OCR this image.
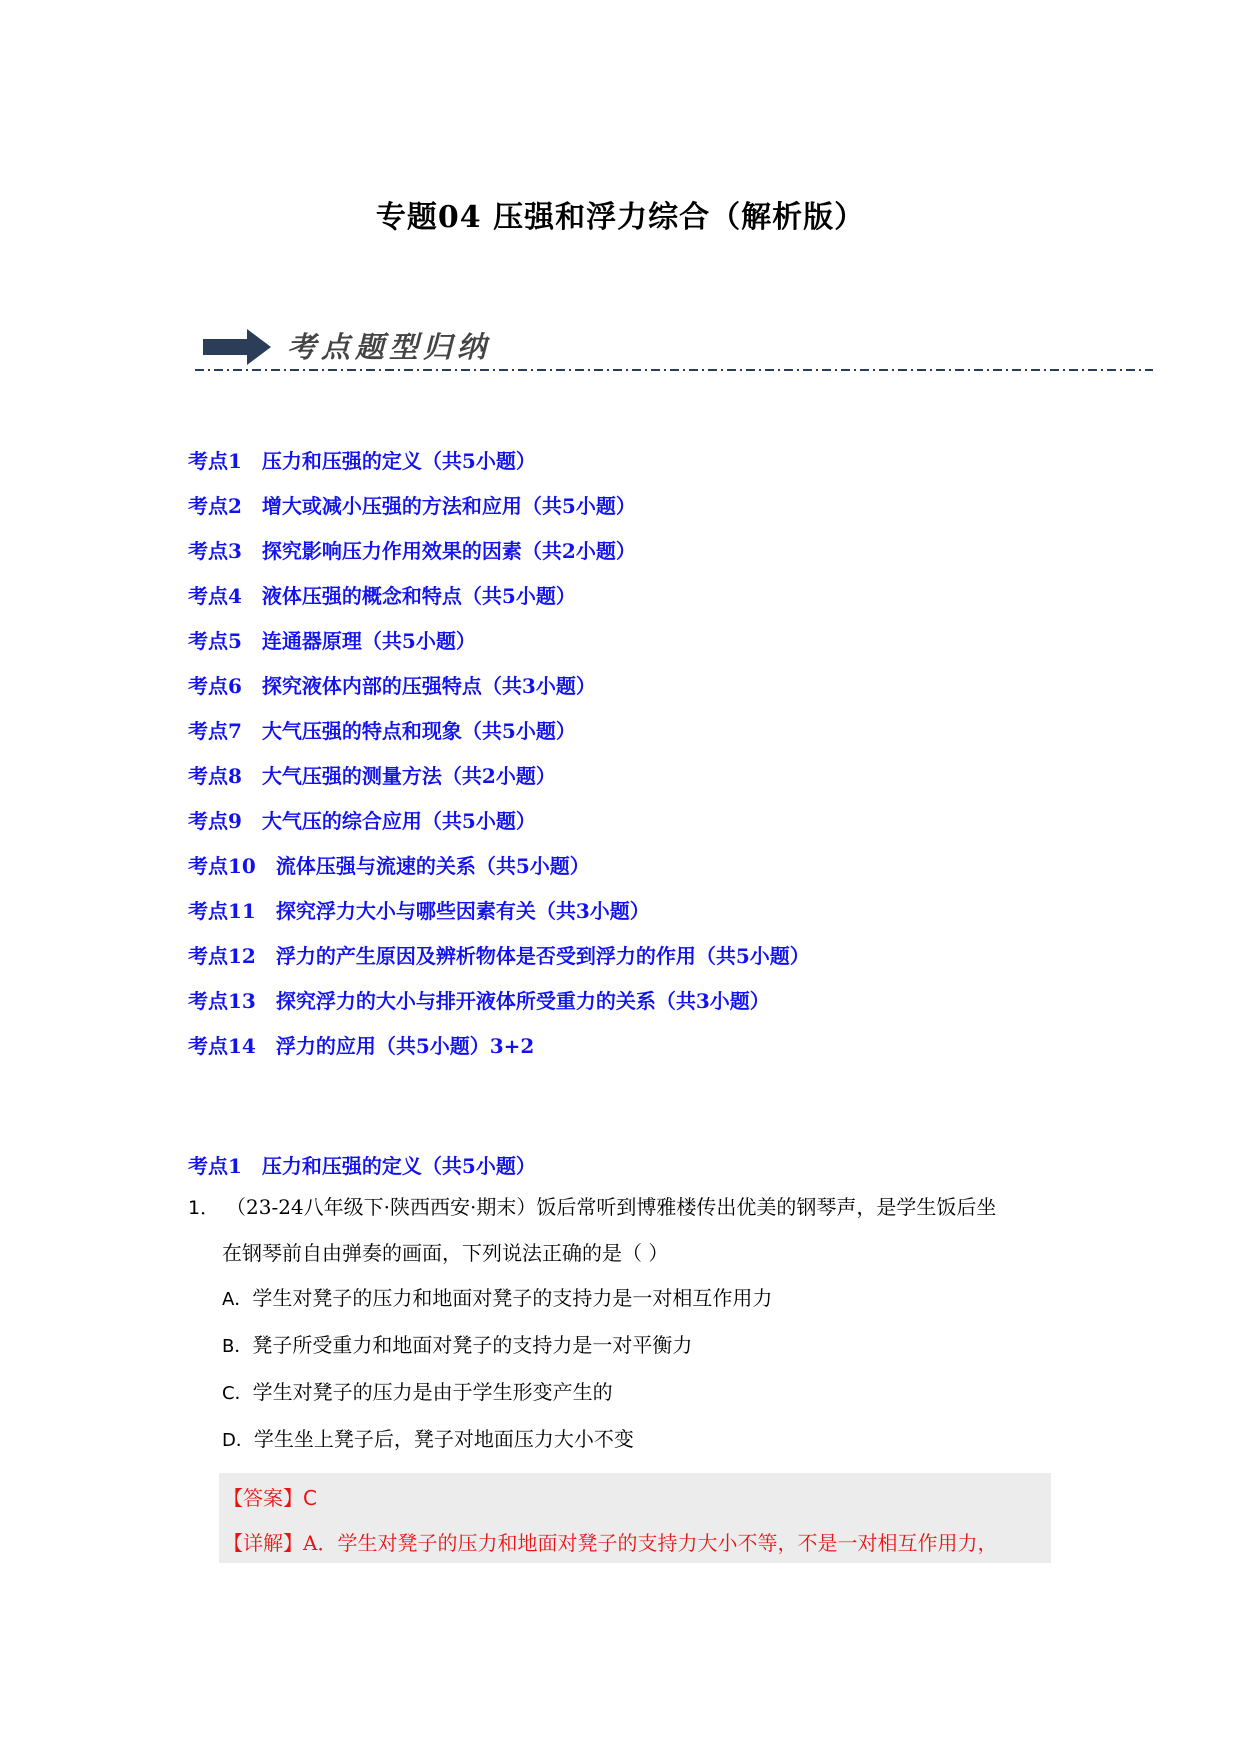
专题04 压强和浮力综合（解析版）
考点题型归纳
考点1 压力和压强的定义（共5小题）
考点2 增大或减小压强的方法和应用（共5小题）
考点3 探究影响压力作用效果的因素（共2小题）
考点4 液体压强的概念和特点（共5小题）
考点5 连通器原理（共5小题）
考点6 探究液体内部的压强特点（共3小题）
考点7 大气压强的特点和现象（共5小题）
考点8 大气压强的测量方法（共2小题）
考点9 大气压的综合应用（共5小题）
考点10 流体压强与流速的关系（共5小题）
考点11 探究浮力大小与哪些因素有关（共3小题）
考点12 浮力的产生原因及辨析物体是否受到浮力的作用（共5小题）
考点13 探究浮力的大小与排开液体所受重力的关系（共3小题）
考点14 浮力的应用（共5小题）3+2
考点1 压力和压强的定义（共5小题）
1． （23-24八年级下·陕西西安·期末）饭后常听到博雅楼传出优美的钢琴声，是学生饭后坐
在钢琴前自由弹奏的画面，下列说法正确的是（ ）
A．学生对凳子的压力和地面对凳子的支持力是一对相互作用力
B．凳子所受重力和地面对凳子的支持力是一对平衡力
C．学生对凳子的压力是由于学生形变产生的
D．学生坐上凳子后，凳子对地面压力大小不变
【答案】C
【详解】A．学生对凳子的压力和地面对凳子的支持力大小不等，不是一对相互作用力，
